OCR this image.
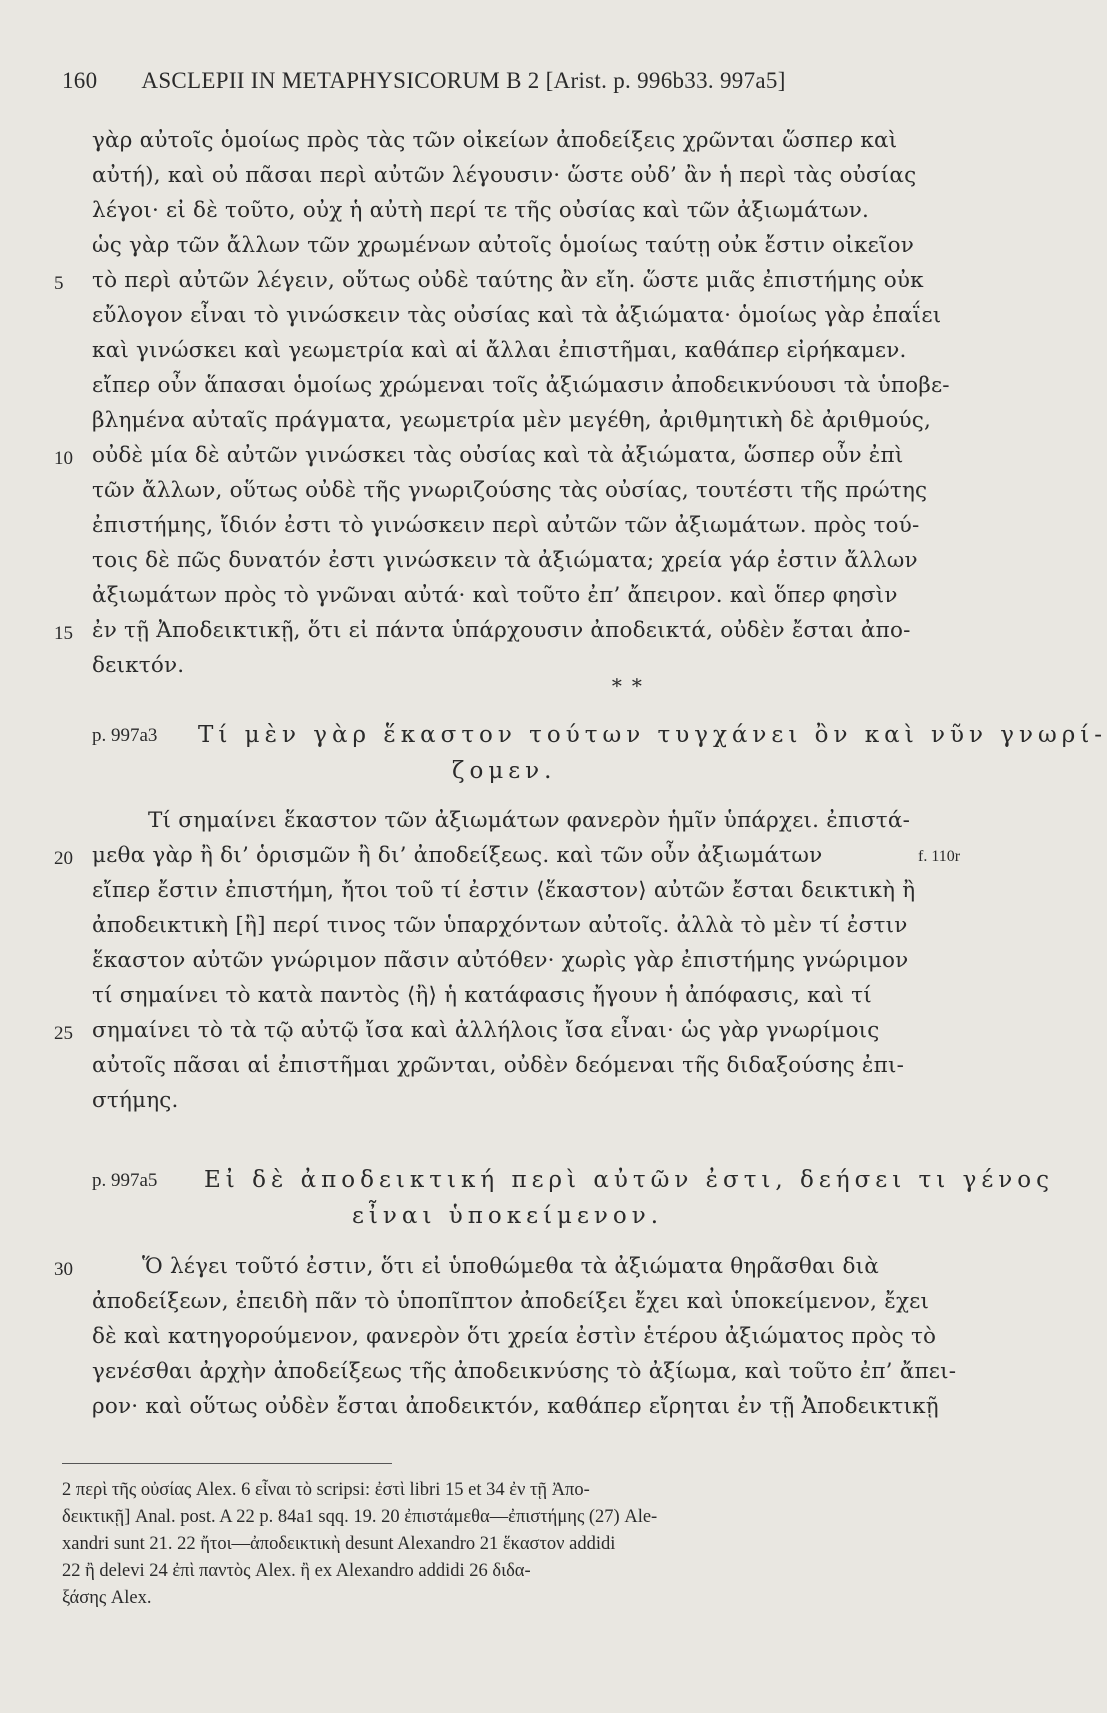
160 ASCLEPII IN METAPHYSICORUM B 2 [Arist. p. 996b33. 997a5]
γὰρ αὐτοῖς ὁμοίως πρὸς τὰς τῶν οἰκείων ἀποδείξεις χρῶνται ὥσπερ καὶ
αὐτή), καὶ οὐ πᾶσαι περὶ αὐτῶν λέγουσιν· ὥστε οὐδ’ ἂν ἡ περὶ τὰς οὐσίας
λέγοι· εἰ δὲ τοῦτο, οὐχ ἡ αὐτὴ περί τε τῆς οὐσίας καὶ τῶν ἀξιωμάτων.
ὡς γὰρ τῶν ἄλλων τῶν χρωμένων αὐτοῖς ὁμοίως ταύτῃ οὐκ ἔστιν οἰκεῖον
τὸ περὶ αὐτῶν λέγειν, οὕτως οὐδὲ ταύτης ἂν εἴη. ὥστε μιᾶς ἐπιστήμης οὐκ
εὔλογον εἶναι τὸ γινώσκειν τὰς οὐσίας καὶ τὰ ἀξιώματα· ὁμοίως γὰρ ἐπαΐει
καὶ γινώσκει καὶ γεωμετρία καὶ αἱ ἄλλαι ἐπιστῆμαι, καθάπερ εἰρήκαμεν.
εἴπερ οὖν ἅπασαι ὁμοίως χρώμεναι τοῖς ἀξιώμασιν ἀποδεικνύουσι τὰ ὑποβε-
βλημένα αὐταῖς πράγματα, γεωμετρία μὲν μεγέθη, ἀριθμητικὴ δὲ ἀριθμούς,
οὐδὲ μία δὲ αὐτῶν γινώσκει τὰς οὐσίας καὶ τὰ ἀξιώματα, ὥσπερ οὖν ἐπὶ
τῶν ἄλλων, οὕτως οὐδὲ τῆς γνωριζούσης τὰς οὐσίας, τουτέστι τῆς πρώτης
ἐπιστήμης, ἴδιόν ἐστι τὸ γινώσκειν περὶ αὐτῶν τῶν ἀξιωμάτων. πρὸς τού-
τοις δὲ πῶς δυνατόν ἐστι γινώσκειν τὰ ἀξιώματα; χρεία γάρ ἐστιν ἄλλων
ἀξιωμάτων πρὸς τὸ γνῶναι αὐτά· καὶ τοῦτο ἐπ’ ἄπειρον. καὶ ὅπερ φησὶν
ἐν τῇ Ἀποδεικτικῇ, ὅτι εἰ πάντα ὑπάρχουσιν ἀποδεικτά, οὐδὲν ἔσται ἀπο-
δεικτόν.
5
10
15
∗ ∗
p. 997a3 Τί μὲν γὰρ ἕκαστον τούτων τυγχάνει ὂν καὶ νῦν γνωρί-
ζομεν.
Τί σημαίνει ἕκαστον τῶν ἀξιωμάτων φανερὸν ἡμῖν ὑπάρχει. ἐπιστά-
μεθα γὰρ ἢ δι’ ὁρισμῶν ἢ δι’ ἀποδείξεως. καὶ τῶν οὖν ἀξιωμάτων
εἴπερ ἔστιν ἐπιστήμη, ἤτοι τοῦ τί ἐστιν ⟨ἕκαστον⟩ αὐτῶν ἔσται δεικτικὴ ἢ
ἀποδεικτικὴ [ἢ] περί τινος τῶν ὑπαρχόντων αὐτοῖς. ἀλλὰ τὸ μὲν τί ἐστιν
ἕκαστον αὐτῶν γνώριμον πᾶσιν αὐτόθεν· χωρὶς γὰρ ἐπιστήμης γνώριμον
τί σημαίνει τὸ κατὰ παντὸς ⟨ἢ⟩ ἡ κατάφασις ἤγουν ἡ ἀπόφασις, καὶ τί
σημαίνει τὸ τὰ τῷ αὐτῷ ἴσα καὶ ἀλλήλοις ἴσα εἶναι· ὡς γὰρ γνωρίμοις
αὐτοῖς πᾶσαι αἱ ἐπιστῆμαι χρῶνται, οὐδὲν δεόμεναι τῆς διδαξούσης ἐπι-
στήμης.
20
25
f. 110r
p. 997a5 Εἰ δὲ ἀποδεικτική περὶ αὐτῶν ἐστι, δεήσει τι γένος
εἶναι ὑποκείμενον.
Ὅ λέγει τοῦτό ἐστιν, ὅτι εἰ ὑποθώμεθα τὰ ἀξιώματα θηρᾶσθαι διὰ
ἀποδείξεων, ἐπειδὴ πᾶν τὸ ὑποπῖπτον ἀποδείξει ἔχει καὶ ὑποκείμενον, ἔχει
δὲ καὶ κατηγορούμενον, φανερὸν ὅτι χρεία ἐστὶν ἑτέρου ἀξιώματος πρὸς τὸ
γενέσθαι ἀρχὴν ἀποδείξεως τῆς ἀποδεικνύσης τὸ ἀξίωμα, καὶ τοῦτο ἐπ’ ἄπει-
ρον· καὶ οὕτως οὐδὲν ἔσται ἀποδεικτόν, καθάπερ εἴρηται ἐν τῇ Ἀποδεικτικῇ
30
2 περὶ τῆς οὐσίας Alex. 6 εἶναι τὸ scripsi: ἐστὶ libri 15 et 34 ἐν τῇ Ἀπο-
δεικτικῇ] Anal. post. A 22 p. 84a1 sqq. 19. 20 ἐπιστάμεθα—ἐπιστήμης (27) Ale-
xandri sunt 21. 22 ἤτοι—ἀποδεικτικὴ desunt Alexandro 21 ἕκαστον addidi
22 ἢ delevi 24 ἐπὶ παντὸς Alex. ἢ ex Alexandro addidi 26 διδα-
ξάσης Alex.
